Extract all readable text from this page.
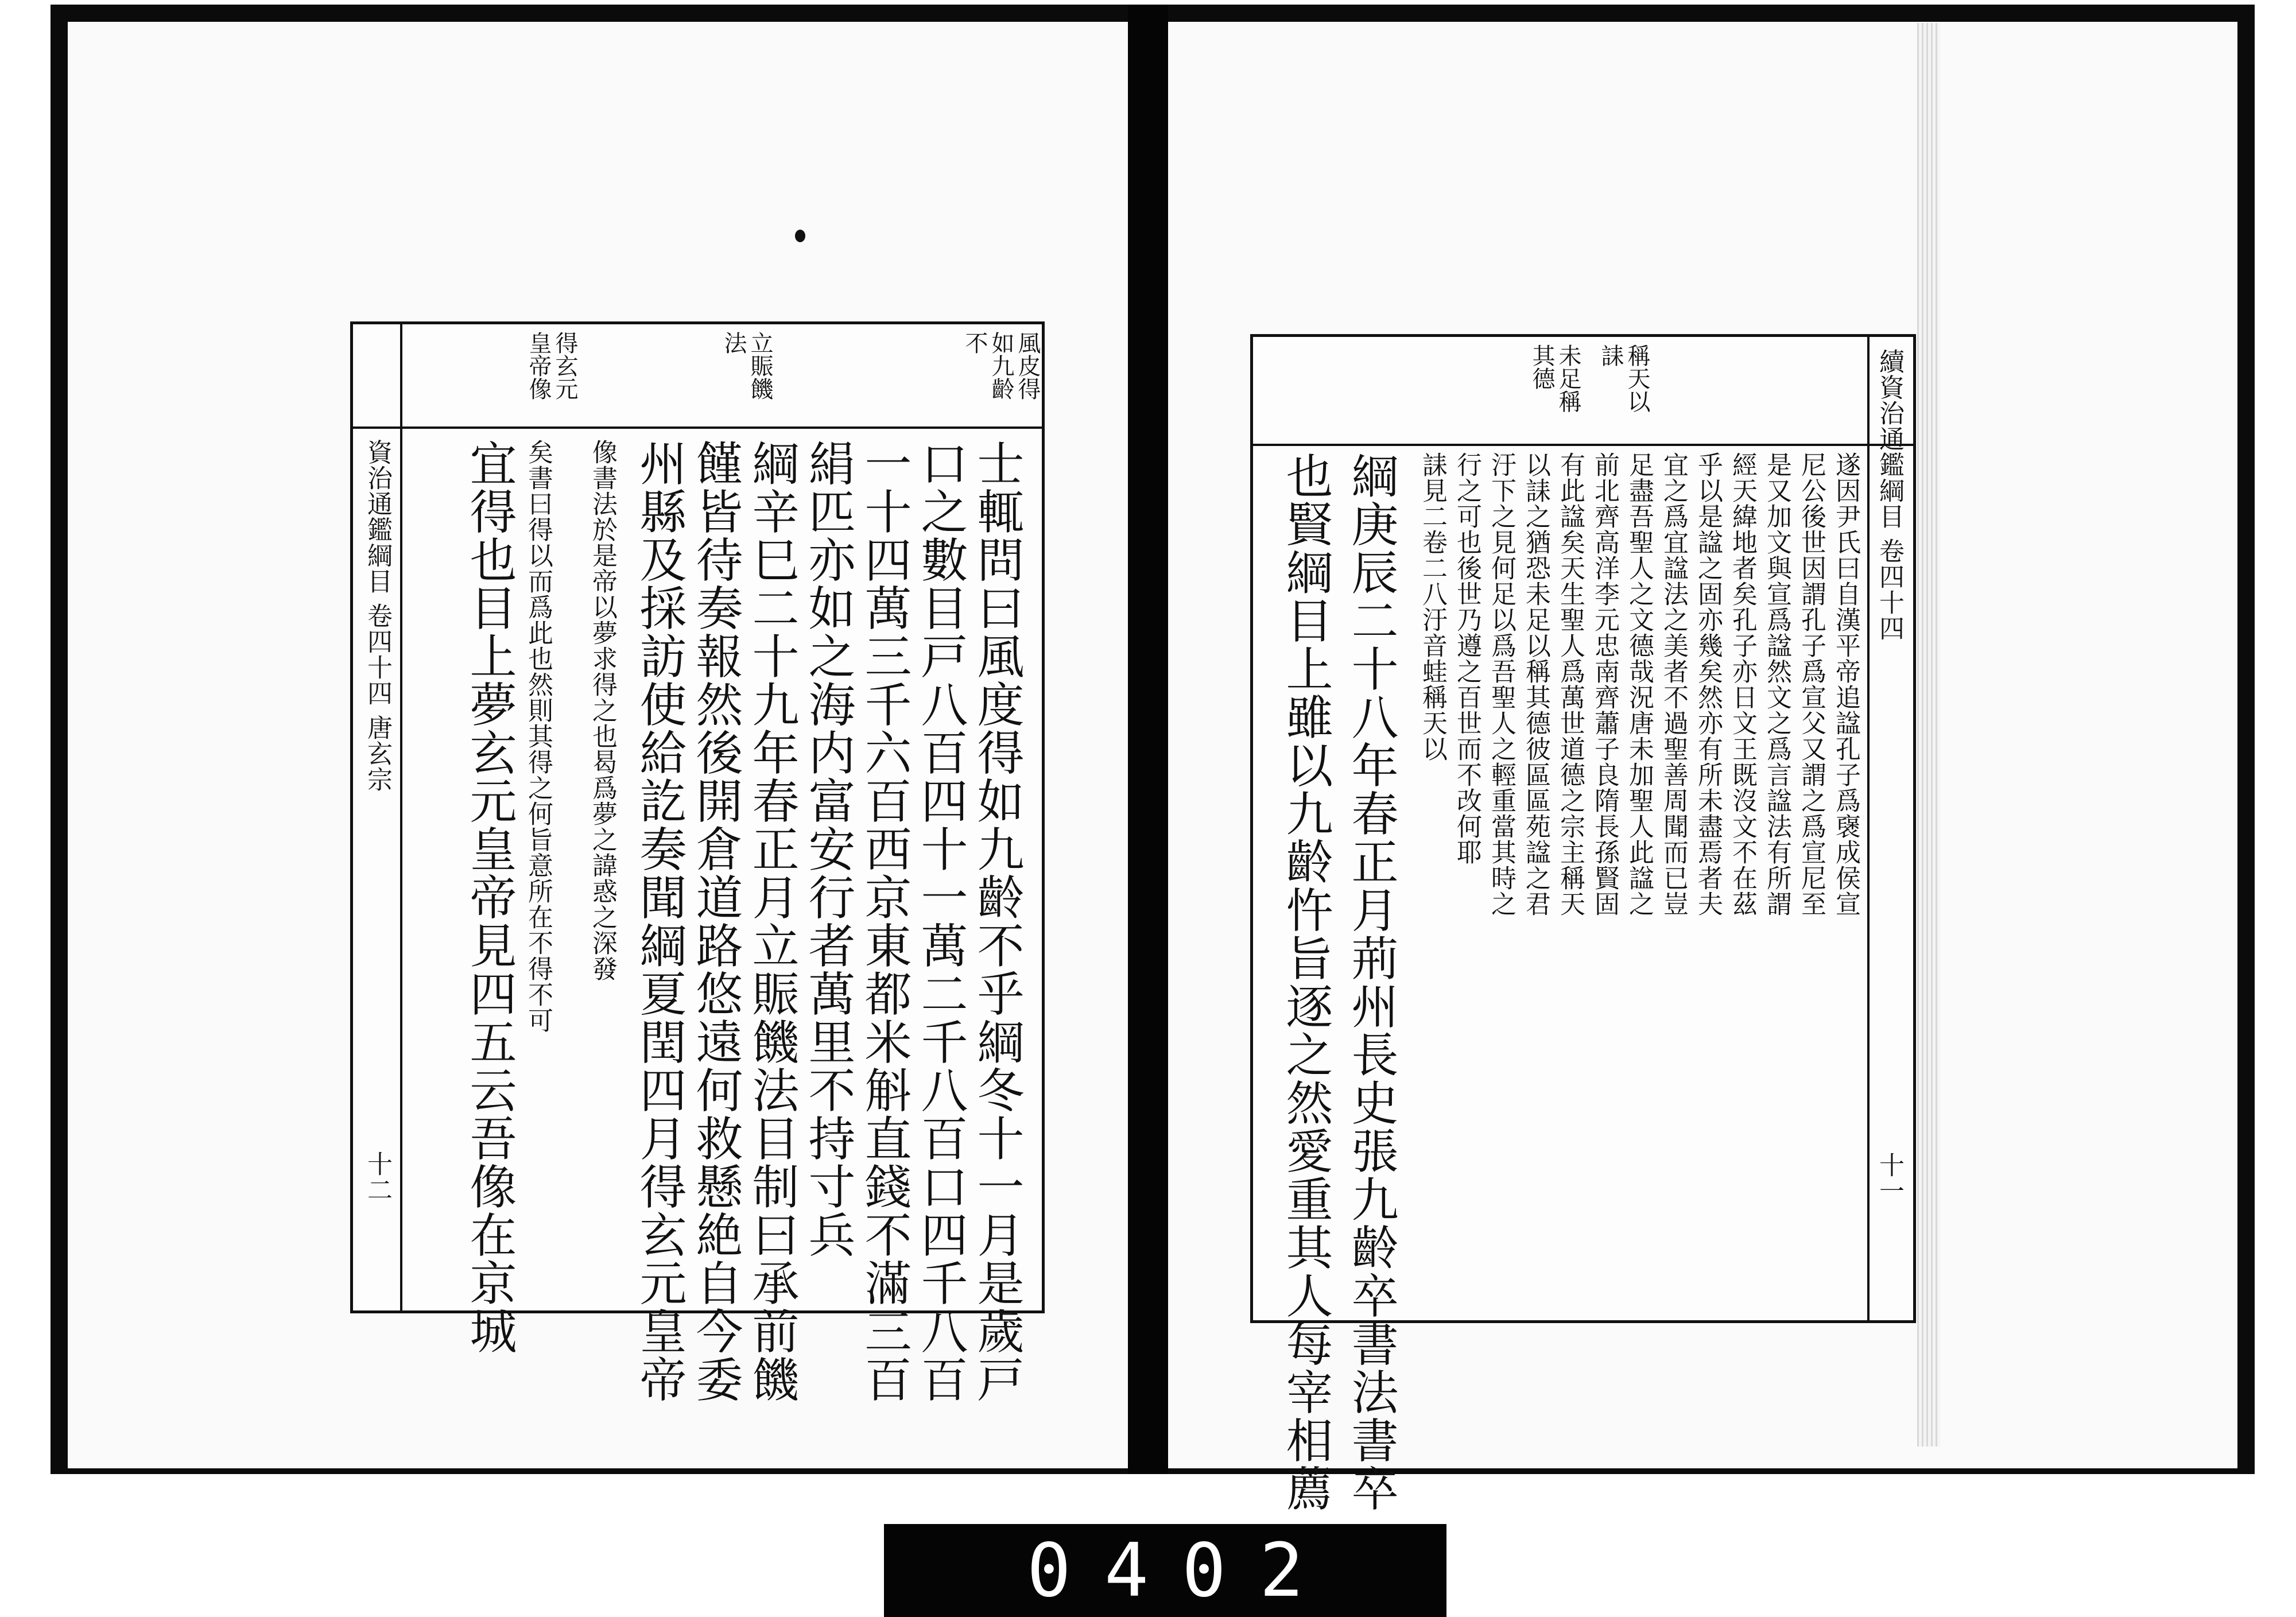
風皮得如九齡不
立賑饑法
得玄元皇帝像
士輒問曰風度得如九齡不乎綱冬十一月是歲戸
口之數目戸八百四十一萬二千八百口四千八百
一十四萬三千六百西京東都米斛直錢不滿三百
絹匹亦如之海内富安行者萬里不持寸兵
綱辛巳二十九年春正月立賑饑法目制曰承前饑
饉皆待奏報然後開倉道路悠遠何救懸絶自今委
州縣及採訪使給訖奏聞綱夏閏四月得玄元皇帝
像書法於是帝以夢求得之也曷爲夢之諱惑之深發
矣書曰得以而爲此也然則其得之何旨意所在不得不可
宜得也目上夢玄元皇帝見四五云吾像在京城
資治通鑑綱目 卷四十四 唐玄宗
十二
稱天以誄
未足稱其德	續資治通鑑綱目 卷四十四
十一
遂因尹氏曰自漢平帝追諡孔子爲襃成侯宣
尼公後世因謂孔子爲宣父又謂之爲宣尼至
是又加文與宣爲諡然文之爲言諡法有所謂
經天緯地者矣孔子亦日文王既沒文不在茲
乎以是諡之固亦幾矣然亦有所未盡焉者夫
宜之爲宜諡法之美者不過聖善周聞而已豈
足盡吾聖人之文德哉況唐未加聖人此諡之
前北齊高洋李元忠南齊蕭子良隋長孫賢固
有此諡矣天生聖人爲萬世道德之宗主稱天
以誄之猶恐未足以稱其德彼區區苑諡之君
汙下之見何足以爲吾聖人之輕重當其時之
行之可也後世乃遵之百世而不改何耶
誄見二卷二八汙音蛙稱天以
綱庚辰二十八年春正月荊州長史張九齡卒書法書卒
也賢綱目上雖以九齡忤旨逐之然愛重其人每宰相薦
0402
